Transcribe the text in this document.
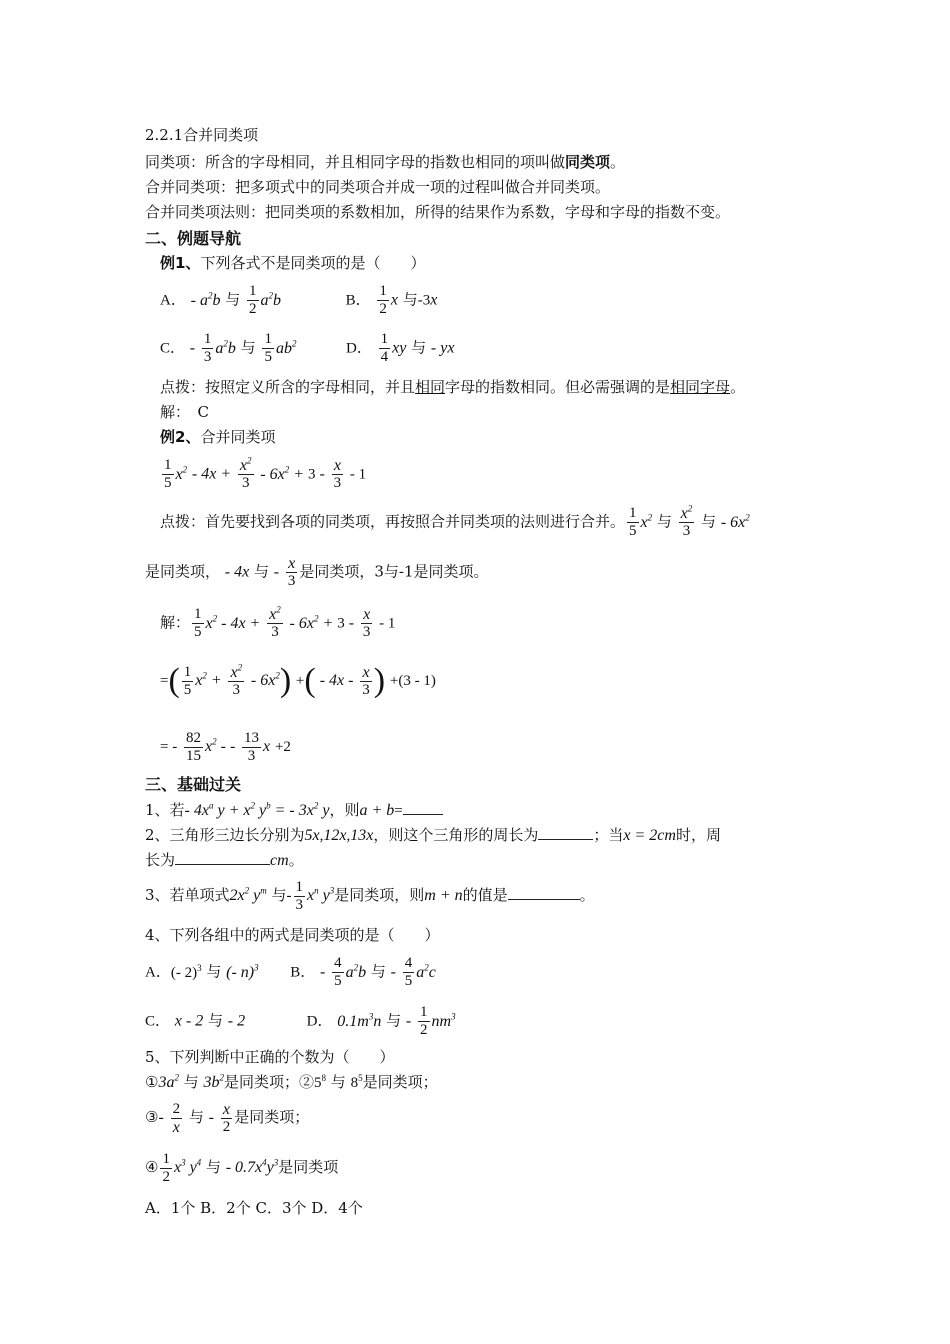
2.2.1合并同类项
同类项：所含的字母相同，并且相同字母的指数也相同的项叫做同类项。
合并同类项：把多项式中的同类项合并成一项的过程叫做合并同类项。
合并同类项法则：把同类项的系数相加，所得的结果作为系数，字母和字母的指数不变。
二、例题导航
例1、下列各式不是同类项的是（　　）
A． - $a^2b$ 与 $\frac{1}{2} a^2b$	B． $\frac{1}{2}$ x 与-3x
C． - $\frac{1}{3} a^2b$ 与 $\frac{1}{5} ab^2$	D． $\frac{1}{4}$ xy 与 - yx
点拨：按照定义所含的字母相同，并且相同字母的指数相同。但必需强调的是相同字母。
解：　C
例2、合并同类项
$\frac{1}{5} x^2 - 4x + \frac{x^2}{3} - 6x^2 + 3 - \frac{x}{3} - 1$
点拨：首先要找到各项的同类项，再按照合并同类项的法则进行合并。 $\frac{1}{5} x^2$ 与 $\frac{x^2}{3}$ 与 - $6x^2$
是同类项， - 4x 与 - $\frac{x}{3}$ 是同类项，3与-1是同类项。
解： $\frac{1}{5} x^2 - 4x + \frac{x^2}{3} - 6x^2 + 3 - \frac{x}{3} - 1$
=( $\frac{1}{5} x^2 + \frac{x^2}{3} - 6x^2$) +( - $4x - \frac{x}{3}$ ) +(3 - 1)
= - $\frac{82}{15} x^2$ - - $\frac{13}{3}$ x +2
三、基础过关
1、若- $4x^a$ $y + x^2$ $y^b$ = - $3x^2$ y，则a + b=
2、三角形三边长分别为5x,12x,13x，则这个三角形的周长为	；当x = 2cm时，周
长为	cm。
3、若单项式$2x^2$ $y^m$ 与- $\frac{1}{3} x^n$ $y^3$是同类项，则m + n的值是	。
4、下列各组中的两式是同类项的是（　　）
A．(- 2)$^3$ 与 (- n)$^3$ B． - $\frac{4}{5} a^2b$ 与 - $\frac{4}{5} a^2c$
C． x - 2 与 - 2	D． $0.1m^3n$ 与 - $\frac{1}{2} nm^3$
5、下列判断中正确的个数为（　　）
$①3a^2$ 与 $3b^2$是同类项；$②5^8$ 与 $8^5$是同类项；
③- $\frac{2}{x}$ 与 - $\frac{x}{2}$ 是同类项；
④ $\frac{1}{2} x^3$ $y^4$ 与 - $0.7x^4y^3$是同类项
A．1个 B．2个 C．3个 D．4个
